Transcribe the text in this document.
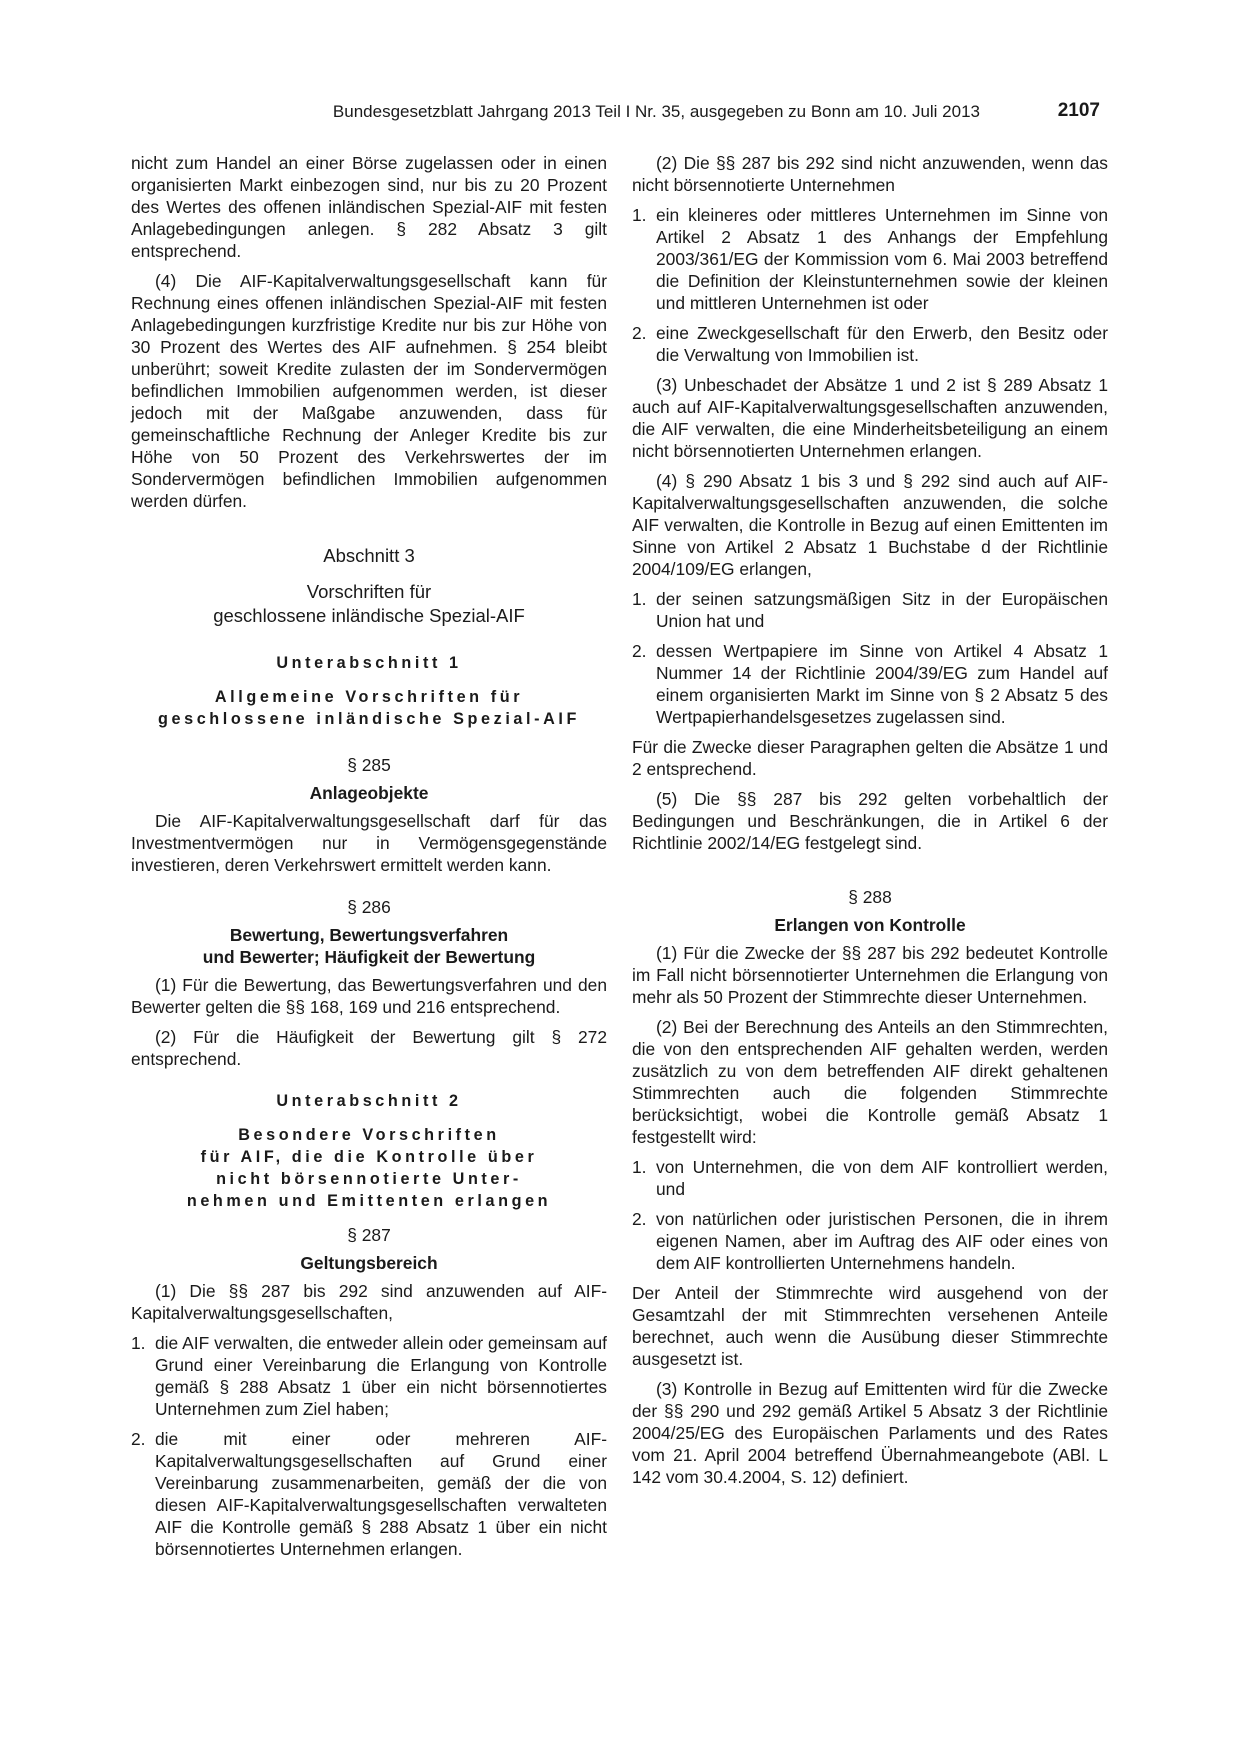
Bundesgesetzblatt Jahrgang 2013 Teil I Nr. 35, ausgegeben zu Bonn am 10. Juli 2013	2107

nicht zum Handel an einer Börse zugelassen oder in einen organisierten Markt einbezogen sind, nur bis zu 20 Prozent des Wertes des offenen inländischen Spezial-AIF mit festen Anlagebedingungen anlegen. § 282 Absatz 3 gilt entsprechend.

(4) Die AIF-Kapitalverwaltungsgesellschaft kann für Rechnung eines offenen inländischen Spezial-AIF mit festen Anlagebedingungen kurzfristige Kredite nur bis zur Höhe von 30 Prozent des Wertes des AIF aufnehmen. § 254 bleibt unberührt; soweit Kredite zulasten der im Sondervermögen befindlichen Immobilien aufgenommen werden, ist dieser jedoch mit der Maßgabe anzuwenden, dass für gemeinschaftliche Rechnung der Anleger Kredite bis zur Höhe von 50 Prozent des Verkehrswertes der im Sondervermögen befindlichen Immobilien aufgenommen werden dürfen.

Abschnitt 3

Vorschriften für

geschlossene inländische Spezial-AIF

Unterabschnitt 1

Allgemeine Vorschriften für

geschlossene inländische Spezial-AIF

§ 285

Anlageobjekte

Die AIF-Kapitalverwaltungsgesellschaft darf für das Investmentvermögen nur in Vermögensgegenstände investieren, deren Verkehrswert ermittelt werden kann.

§ 286

Bewertung, Bewertungsverfahren

und Bewerter; Häufigkeit der Bewertung

(1) Für die Bewertung, das Bewertungsverfahren und den Bewerter gelten die §§ 168, 169 und 216 entsprechend.

(2) Für die Häufigkeit der Bewertung gilt § 272 entsprechend.

Unterabschnitt 2

Besondere Vorschriften

für AIF, die die Kontrolle über

nicht börsennotierte Unter-

nehmen und Emittenten erlangen

§ 287

Geltungsbereich

(1) Die §§ 287 bis 292 sind anzuwenden auf AIF-Kapitalverwaltungsgesellschaften,

1. die AIF verwalten, die entweder allein oder gemeinsam auf Grund einer Vereinbarung die Erlangung von Kontrolle gemäß § 288 Absatz 1 über ein nicht börsennotiertes Unternehmen zum Ziel haben;
2. die mit einer oder mehreren AIF-Kapitalverwaltungsgesellschaften auf Grund einer Vereinbarung zusammenarbeiten, gemäß der die von diesen AIF-Kapitalverwaltungsgesellschaften verwalteten AIF die Kontrolle gemäß § 288 Absatz 1 über ein nicht börsennotiertes Unternehmen erlangen.

(2) Die §§ 287 bis 292 sind nicht anzuwenden, wenn das nicht börsennotierte Unternehmen

1. ein kleineres oder mittleres Unternehmen im Sinne von Artikel 2 Absatz 1 des Anhangs der Empfehlung 2003/361/EG der Kommission vom 6. Mai 2003 betreffend die Definition der Kleinstunternehmen sowie der kleinen und mittleren Unternehmen ist oder
2. eine Zweckgesellschaft für den Erwerb, den Besitz oder die Verwaltung von Immobilien ist.

(3) Unbeschadet der Absätze 1 und 2 ist § 289 Absatz 1 auch auf AIF-Kapitalverwaltungsgesellschaften anzuwenden, die AIF verwalten, die eine Minderheitsbeteiligung an einem nicht börsennotierten Unternehmen erlangen.

(4) § 290 Absatz 1 bis 3 und § 292 sind auch auf AIF-Kapitalverwaltungsgesellschaften anzuwenden, die solche AIF verwalten, die Kontrolle in Bezug auf einen Emittenten im Sinne von Artikel 2 Absatz 1 Buchstabe d der Richtlinie 2004/109/EG erlangen,

1. der seinen satzungsmäßigen Sitz in der Europäischen Union hat und
2. dessen Wertpapiere im Sinne von Artikel 4 Absatz 1 Nummer 14 der Richtlinie 2004/39/EG zum Handel auf einem organisierten Markt im Sinne von § 2 Absatz 5 des Wertpapierhandelsgesetzes zugelassen sind.

Für die Zwecke dieser Paragraphen gelten die Absätze 1 und 2 entsprechend.

(5) Die §§ 287 bis 292 gelten vorbehaltlich der Bedingungen und Beschränkungen, die in Artikel 6 der Richtlinie 2002/14/EG festgelegt sind.

§ 288

Erlangen von Kontrolle

(1) Für die Zwecke der §§ 287 bis 292 bedeutet Kontrolle im Fall nicht börsennotierter Unternehmen die Erlangung von mehr als 50 Prozent der Stimmrechte dieser Unternehmen.

(2) Bei der Berechnung des Anteils an den Stimmrechten, die von den entsprechenden AIF gehalten werden, werden zusätzlich zu von dem betreffenden AIF direkt gehaltenen Stimmrechten auch die folgenden Stimmrechte berücksichtigt, wobei die Kontrolle gemäß Absatz 1 festgestellt wird:

1. von Unternehmen, die von dem AIF kontrolliert werden, und
2. von natürlichen oder juristischen Personen, die in ihrem eigenen Namen, aber im Auftrag des AIF oder eines von dem AIF kontrollierten Unternehmens handeln.

Der Anteil der Stimmrechte wird ausgehend von der Gesamtzahl der mit Stimmrechten versehenen Anteile berechnet, auch wenn die Ausübung dieser Stimmrechte ausgesetzt ist.

(3) Kontrolle in Bezug auf Emittenten wird für die Zwecke der §§ 290 und 292 gemäß Artikel 5 Absatz 3 der Richtlinie 2004/25/EG des Europäischen Parlaments und des Rates vom 21. April 2004 betreffend Übernahmeangebote (ABl. L 142 vom 30.4.2004, S. 12) definiert.
